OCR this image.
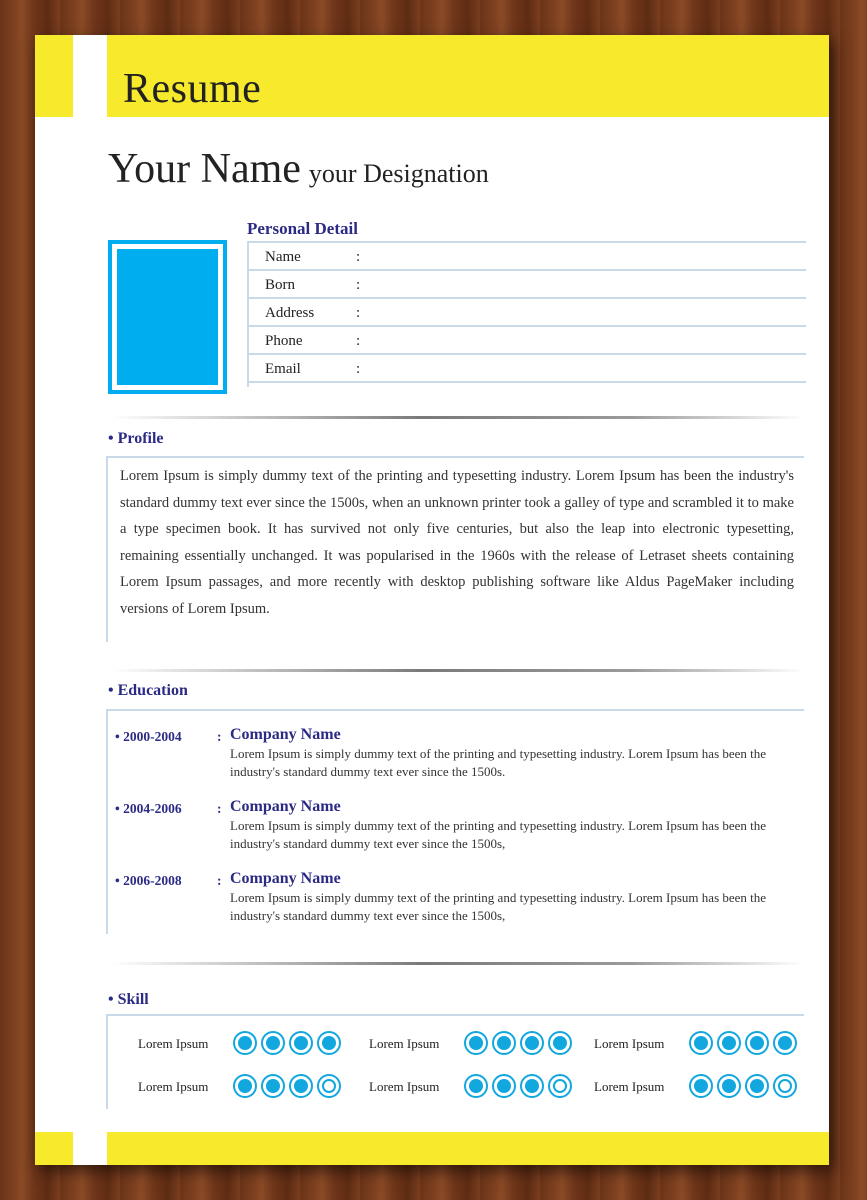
Resume
Your Name your Designation
Personal Detail
Name	:
Born	:
Address	:
Phone	:
Email	:
• Profile

Lorem Ipsum is simply dummy text of the printing and typesetting industry. Lorem Ipsum has been the industry's standard dummy text ever since the 1500s, when an unknown printer took a galley of type and scrambled it to make a type specimen book. It has survived not only five centuries, but also the leap into electronic typesetting, remaining essentially unchanged. It was popularised in the 1960s with the release of Letraset sheets containing Lorem Ipsum passages, and more recently with desktop publishing software like Aldus PageMaker including versions of Lorem Ipsum.

• Education
• 2000-2004	: Company Name

Lorem Ipsum is simply dummy text of the printing and typesetting industry. Lorem Ipsum has been the industry's standard dummy text ever since the 1500s.

• 2004-2006	: Company Name

Lorem Ipsum is simply dummy text of the printing and typesetting industry. Lorem Ipsum has been the industry's standard dummy text ever since the 1500s,

• 2006-2008	: Company Name

Lorem Ipsum is simply dummy text of the printing and typesetting industry. Lorem Ipsum has been the industry's standard dummy text ever since the 1500s,

• Skill
Lorem Ipsum	Lorem Ipsum	Lorem Ipsum
Lorem Ipsum	Lorem Ipsum	Lorem Ipsum
